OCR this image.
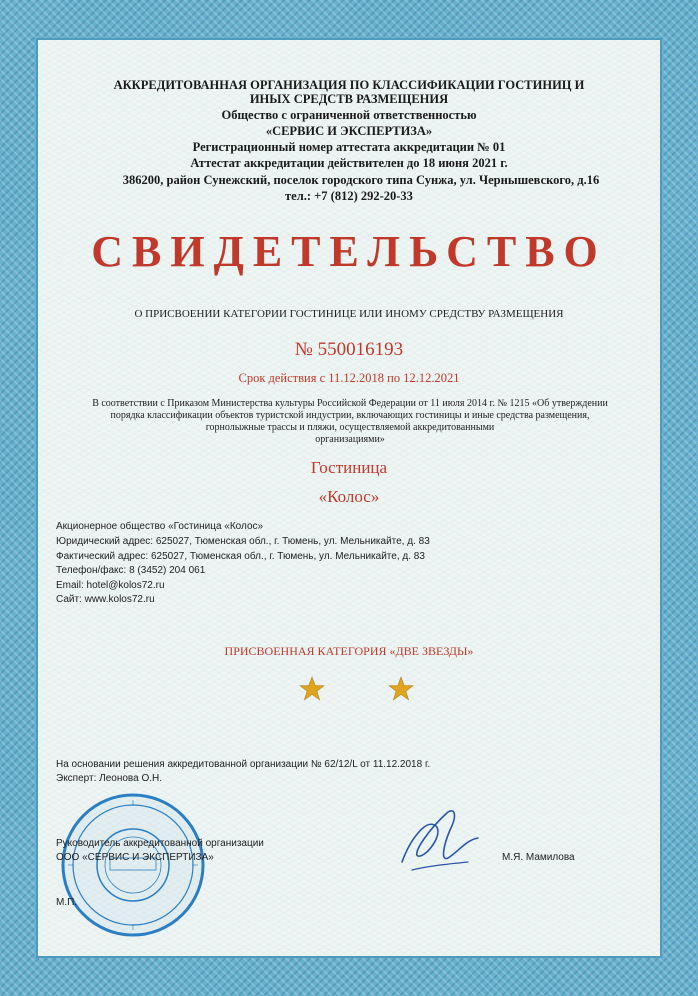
АККРЕДИТОВАННАЯ ОРГАНИЗАЦИЯ ПО КЛАССИФИКАЦИИ ГОСТИНИЦ И
ИНЫХ СРЕДСТВ РАЗМЕЩЕНИЯ
Общество с ограниченной ответственностью
«СЕРВИС И ЭКСПЕРТИЗА»
Регистрационный номер аттестата аккредитации № 01
Аттестат аккредитации действителен до 18 июня 2021 г.
386200, район Сунежский, поселок городского типа Сунжа, ул. Чернышевского, д.16
тел.: +7 (812) 292-20-33
СВИДЕТЕЛЬСТВО
О ПРИСВОЕНИИ КАТЕГОРИИ ГОСТИНИЦЕ ИЛИ ИНОМУ СРЕДСТВУ РАЗМЕЩЕНИЯ
№ 550016193
Срок действия с 11.12.2018 по 12.12.2021
В соответствии с Приказом Министерства культуры Российской Федерации от 11 июля 2014 г. № 1215 «Об утверждении
порядка классификации объектов туристской индустрии, включающих гостиницы и иные средства размещения,
горнолыжные трассы и пляжи, осуществляемой аккредитованными
организациями»
Гостиница
«Колос»
Акционерное общество «Гостиница «Колос»
Юридический адрес: 625027, Тюменская обл., г. Тюмень, ул. Мельникайте, д. 83
Фактический адрес: 625027, Тюменская обл., г. Тюмень, ул. Мельникайте, д. 83
Телефон/факс: 8 (3452) 204 061
Email: hotel@kolos72.ru
Сайт: www.kolos72.ru
ПРИСВОЕННАЯ КАТЕГОРИЯ «ДВЕ ЗВЕЗДЫ»
На основании решения аккредитованной организации № 62/12/L от 11.12.2018 г.
Эксперт: Леонова О.Н.
Руководитель аккредитованной организации
ООО «СЕРВИС И ЭКСПЕРТИЗА»	М.Я. Мамилова
М.П.
